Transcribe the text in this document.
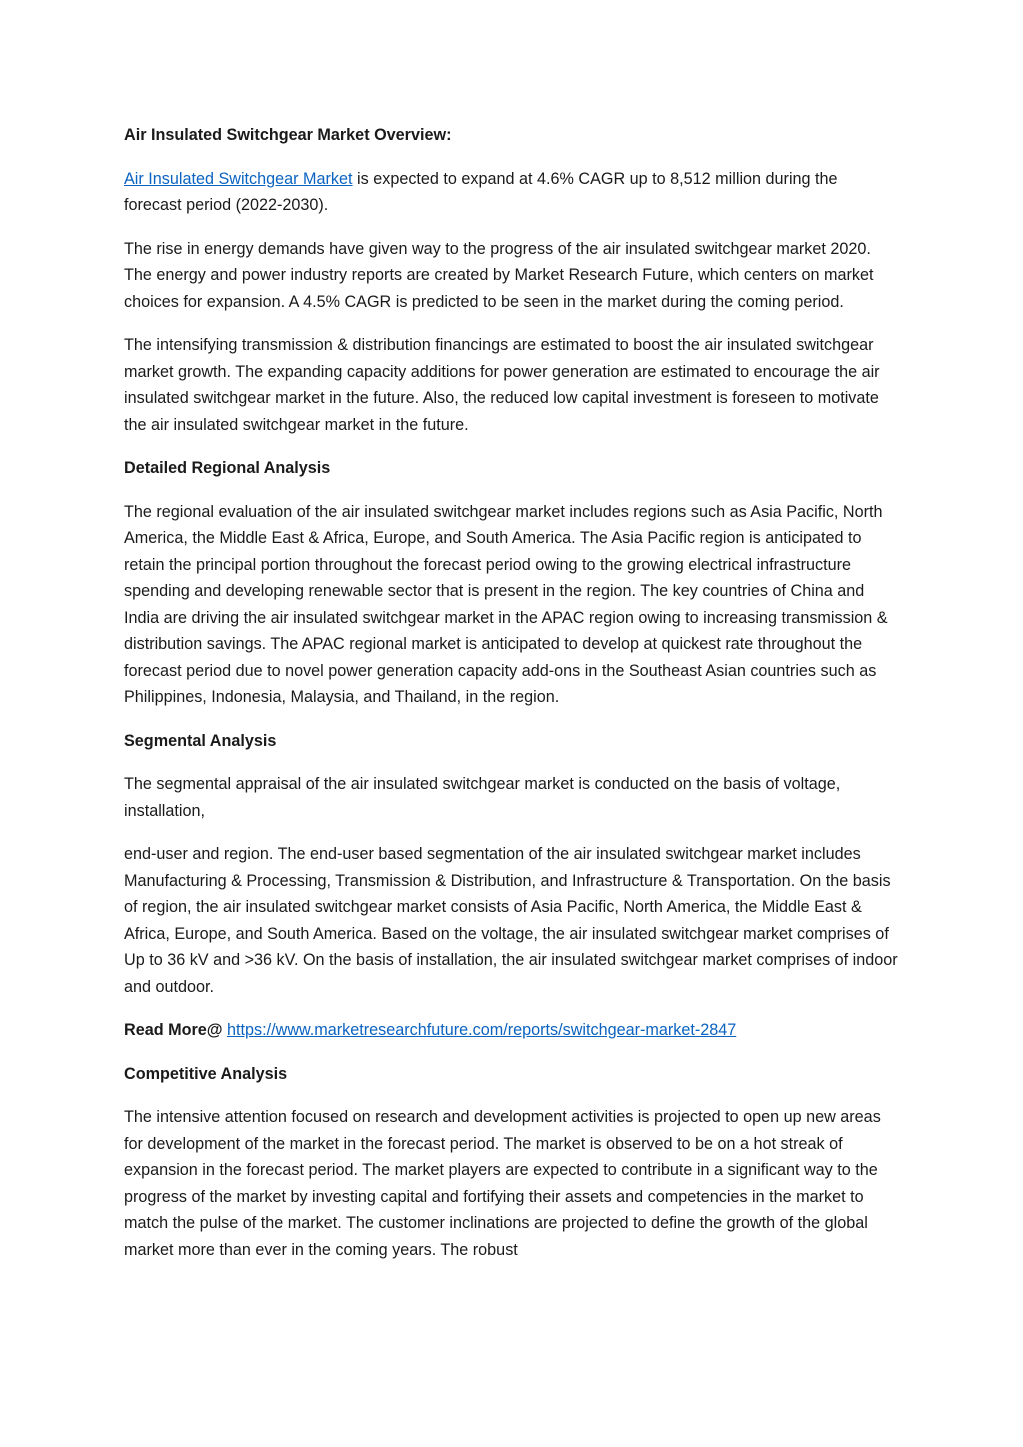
Air Insulated Switchgear Market Overview:

Air Insulated Switchgear Market is expected to expand at 4.6% CAGR up to 8,512 million during the forecast period (2022-2030).

The rise in energy demands have given way to the progress of the air insulated switchgear market 2020. The energy and power industry reports are created by Market Research Future, which centers on market choices for expansion. A 4.5% CAGR is predicted to be seen in the market during the coming period.

The intensifying transmission & distribution financings are estimated to boost the air insulated switchgear market growth. The expanding capacity additions for power generation are estimated to encourage the air insulated switchgear market in the future. Also, the reduced low capital investment is foreseen to motivate the air insulated switchgear market in the future.

Detailed Regional Analysis

The regional evaluation of the air insulated switchgear market includes regions such as Asia Pacific, North America, the Middle East & Africa, Europe, and South America. The Asia Pacific region is anticipated to retain the principal portion throughout the forecast period owing to the growing electrical infrastructure spending and developing renewable sector that is present in the region. The key countries of China and India are driving the air insulated switchgear market in the APAC region owing to increasing transmission & distribution savings. The APAC regional market is anticipated to develop at quickest rate throughout the forecast period due to novel power generation capacity add-ons in the Southeast Asian countries such as Philippines, Indonesia, Malaysia, and Thailand, in the region.

Segmental Analysis

The segmental appraisal of the air insulated switchgear market is conducted on the basis of voltage, installation,

end-user and region. The end-user based segmentation of the air insulated switchgear market includes Manufacturing & Processing, Transmission & Distribution, and Infrastructure & Transportation. On the basis of region, the air insulated switchgear market consists of Asia Pacific, North America, the Middle East & Africa, Europe, and South America. Based on the voltage, the air insulated switchgear market comprises of Up to 36 kV and >36 kV. On the basis of installation, the air insulated switchgear market comprises of indoor and outdoor.

Read More@ https://www.marketresearchfuture.com/reports/switchgear-market-2847

Competitive Analysis

The intensive attention focused on research and development activities is projected to open up new areas for development of the market in the forecast period. The market is observed to be on a hot streak of expansion in the forecast period. The market players are expected to contribute in a significant way to the progress of the market by investing capital and fortifying their assets and competencies in the market to match the pulse of the market. The customer inclinations are projected to define the growth of the global market more than ever in the coming years. The robust
